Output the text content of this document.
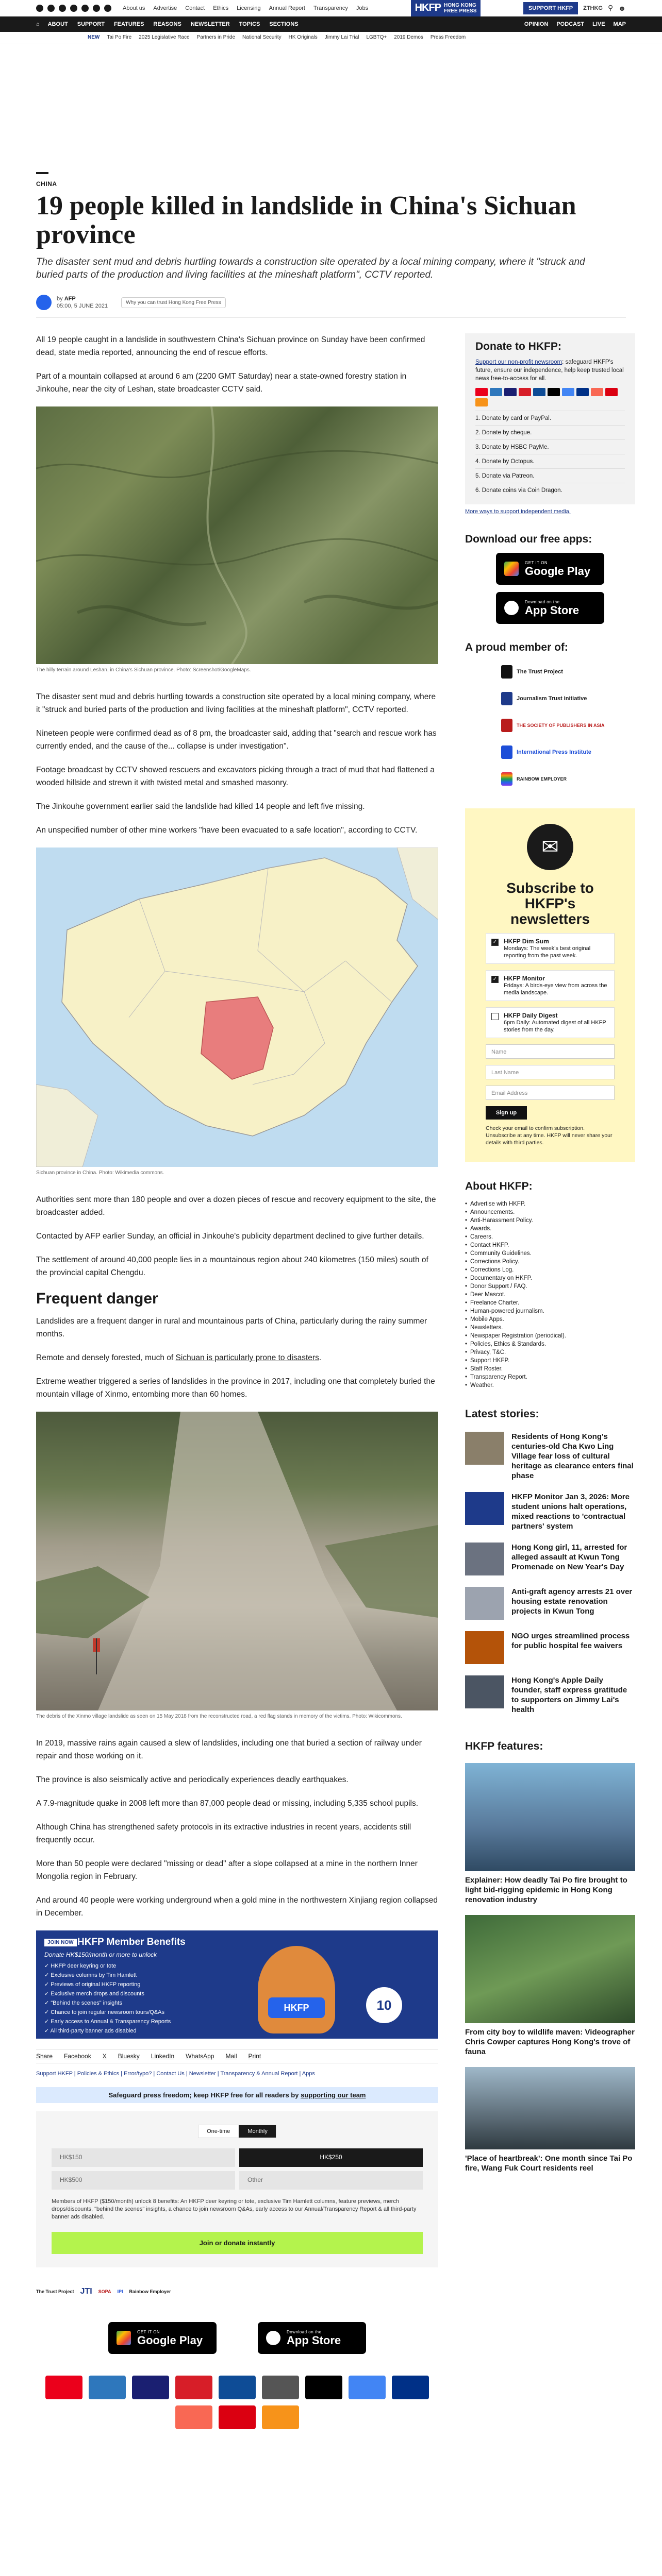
About us Advertise Contact Ethics Licensing Annual Report Transparency Jobs	HKFP HONG KONG
FREE PRESS	SUPPORT HKFP	ZTHKG ⚲ ☻
⌂ ABOUT SUPPORT FEATURES REASONS NEWSLETTER TOPICS SECTIONS	OPINION PODCAST LIVE MAP
NEW Tai Po Fire 2025 Legislative Race Partners in Pride National Security HK Originals Jimmy Lai Trial LGBTQ+ 2019 Demos Press Freedom
CHINA
19 people killed in landslide in China's Sichuan province
The disaster sent mud and debris hurtling towards a construction site operated by a local mining company, where it "struck and buried parts of the production and living facilities at the mineshaft platform", CCTV reported.
by AFP
05:00, 5 JUNE 2021
Why you can trust Hong Kong Free Press

All 19 people caught in a landslide in southwestern China's Sichuan province on Sunday have been confirmed dead, state media reported, announcing the end of rescue efforts.

Part of a mountain collapsed at around 6 am (2200 GMT Saturday) near a state-owned forestry station in Jinkouhe, near the city of Leshan, state broadcaster CCTV said.

The hilly terrain around Leshan, in China's Sichuan province. Photo: Screenshot/GoogleMaps.

The disaster sent mud and debris hurtling towards a construction site operated by a local mining company, where it "struck and buried parts of the production and living facilities at the mineshaft platform", CCTV reported.

Nineteen people were confirmed dead as of 8 pm, the broadcaster said, adding that "search and rescue work has currently ended, and the cause of the... collapse is under investigation".

Footage broadcast by CCTV showed rescuers and excavators picking through a tract of mud that had flattened a wooded hillside and strewn it with twisted metal and smashed masonry.

The Jinkouhe government earlier said the landslide had killed 14 people and left five missing.

An unspecified number of other mine workers "have been evacuated to a safe location", according to CCTV.

Sichuan province in China. Photo: Wikimedia commons.

Authorities sent more than 180 people and over a dozen pieces of rescue and recovery equipment to the site, the broadcaster added.

Contacted by AFP earlier Sunday, an official in Jinkouhe's publicity department declined to give further details.

The settlement of around 40,000 people lies in a mountainous region about 240 kilometres (150 miles) south of the provincial capital Chengdu.

Frequent danger

Landslides are a frequent danger in rural and mountainous parts of China, particularly during the rainy summer months.

Remote and densely forested, much of Sichuan is particularly prone to disasters.

Extreme weather triggered a series of landslides in the province in 2017, including one that completely buried the mountain village of Xinmo, entombing more than 60 homes.

The debris of the Xinmo village landslide as seen on 15 May 2018 from the reconstructed road, a red flag stands in memory of the victims. Photo: Wikicommons.

In 2019, massive rains again caused a slew of landslides, including one that buried a section of railway under repair and those working on it.

The province is also seismically active and periodically experiences deadly earthquakes.

A 7.9-magnitude quake in 2008 left more than 87,000 people dead or missing, including 5,335 school pupils.

Although China has strengthened safety protocols in its extractive industries in recent years, accidents still frequently occur.

More than 50 people were declared "missing or dead" after a slope collapsed at a mine in the northern Inner Mongolia region in February.

And around 40 people were working underground when a gold mine in the northwestern Xinjiang region collapsed in December.

JOIN NOW HKFP Member Benefits
Donate HK$150/month or more to unlock
✓ HKFP deer keyring or tote
✓ Exclusive columns by Tim Hamlett
✓ Previews of original HKFP reporting
✓ Exclusive merch drops and discounts
✓ "Behind the scenes" insights
✓ Chance to join regular newsroom tours/Q&As
✓ Early access to Annual & Transparency Reports
✓ All third-party banner ads disabled
HKFP	10
Share Facebook X Bluesky LinkedIn WhatsApp Mail Print
Support HKFP | Policies & Ethics | Error/typo? | Contact Us | Newsletter | Transparency & Annual Report | Apps
Safeguard press freedom; keep HKFP free for all readers by supporting our team
One-time	Monthly
HK$150	HK$250
HK$500	Other

Members of HKFP ($150/month) unlock 8 benefits: An HKFP deer keyring or tote, exclusive Tim Hamlett columns, feature previews, merch drops/discounts, "behind the scenes" insights, a chance to join newsroom Q&As, early access to our Annual/Transparency Report & all third-party banner ads disabled.

Join or donate instantly
The Trust Project JTI SOPA IPI Rainbow Employer
GET IT ON
Google Play
Download on the
App Store
Donate to HKFP:

Support our non-profit newsroom: safeguard HKFP's future, ensure our independence, help keep trusted local news free-to-access for all.

1. Donate by card or PayPal.
2. Donate by cheque.
3. Donate by HSBC PayMe.
4. Donate by Octopus.
5. Donate via Patreon.
6. Donate coins via Coin Dragon.
More ways to support independent media.
Download our free apps:
GET IT ON
Google Play
Download on the
App Store
A proud member of:
The Trust Project
Journalism Trust Initiative
THE SOCIETY OF PUBLISHERS IN ASIA
International Press Institute
RAINBOW EMPLOYER
✉
Subscribe to HKFP's newsletters
✓ HKFP Dim Sum
Mondays: The week's best original reporting from the past week.
✓ HKFP Monitor
Fridays: A birds-eye view from across the media landscape.
HKFP Daily Digest
6pm Daily: Automated digest of all HKFP stories from the day.
Name
Last Name
Email Address
Sign up
Check your email to confirm subscription. Unsubscribe at any time. HKFP will never share your details with third parties.
About HKFP:
• Advertise with HKFP.
• Announcements.
• Anti-Harassment Policy.
• Awards.
• Careers.
• Contact HKFP.
• Community Guidelines.
• Corrections Policy.
• Corrections Log.
• Documentary on HKFP.
• Donor Support / FAQ.
• Deer Mascot.
• Freelance Charter.
• Human-powered journalism.
• Mobile Apps.
• Newsletters.
• Newspaper Registration (periodical).
• Policies, Ethics & Standards.
• Privacy, T&C.
• Support HKFP.
• Staff Roster.
• Transparency Report.
• Weather.
Latest stories:
Residents of Hong Kong's centuries-old Cha Kwo Ling Village fear loss of cultural heritage as clearance enters final phase
HKFP Monitor Jan 3, 2026: More student unions halt operations, mixed reactions to 'contractual partners' system
Hong Kong girl, 11, arrested for alleged assault at Kwun Tong Promenade on New Year's Day
Anti-graft agency arrests 21 over housing estate renovation projects in Kwun Tong
NGO urges streamlined process for public hospital fee waivers
Hong Kong's Apple Daily founder, staff express gratitude to supporters on Jimmy Lai's health
HKFP features:
Explainer: How deadly Tai Po fire brought to light bid-rigging epidemic in Hong Kong renovation industry
From city boy to wildlife maven: Videographer Chris Cowper captures Hong Kong's trove of fauna
'Place of heartbreak': One month since Tai Po fire, Wang Fuk Court residents reel
